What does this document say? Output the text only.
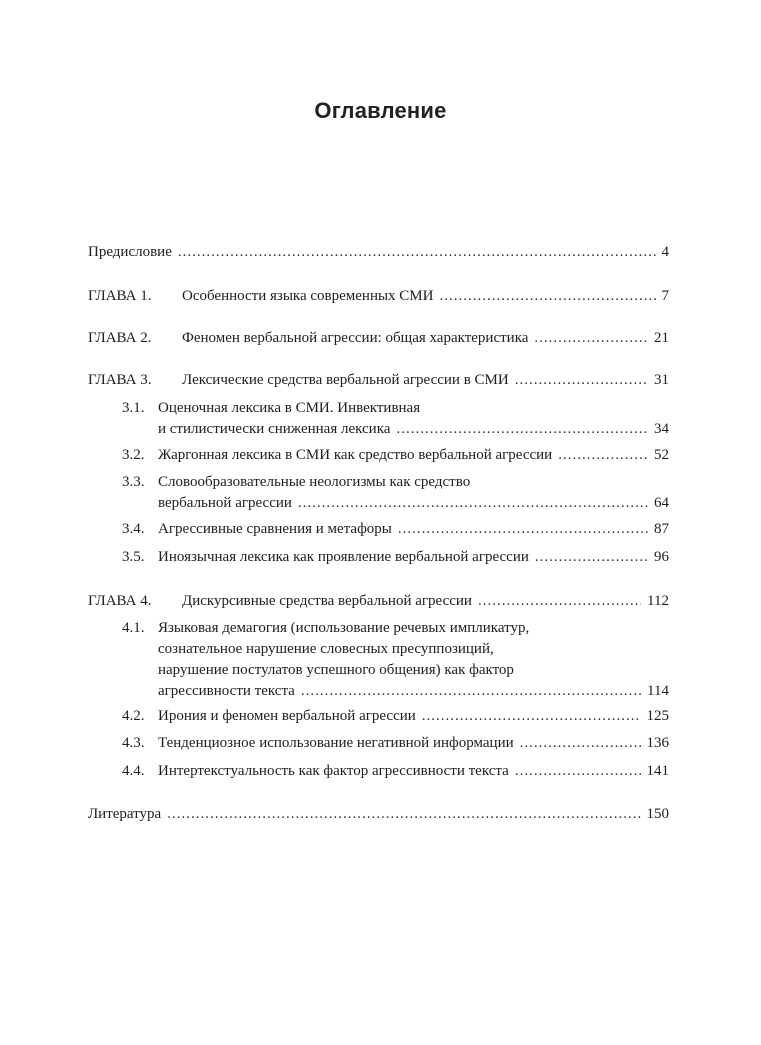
Оглавление
Предисловие .....	4
ГЛАВА 1.	Особенности языка современных СМИ .....	7
ГЛАВА 2.	Феномен вербальной агрессии: общая характеристика .....	21
ГЛАВА 3.	Лексические средства вербальной агрессии в СМИ .....	31
3.1. Оценочная лексика в СМИ. Инвективная
и стилистически сниженная лексика .....	34
3.2. Жаргонная лексика в СМИ как средство вербальной агрессии .....	52
3.3. Словообразовательные неологизмы как средство
вербальной агрессии .....	64
3.4. Агрессивные сравнения и метафоры .....	87
3.5. Иноязычная лексика как проявление вербальной агрессии .....	96
ГЛАВА 4.	Дискурсивные средства вербальной агрессии .....	112
4.1. Языковая демагогия (использование речевых импликатур,
сознательное нарушение словесных пресуппозиций,
нарушение постулатов успешного общения) как фактор
агрессивности текста .....	114
4.2. Ирония и феномен вербальной агрессии .....	125
4.3. Тенденциозное использование негативной информации .....	136
4.4. Интертекстуальность как фактор агрессивности текста .....	141
Литература .....	150
